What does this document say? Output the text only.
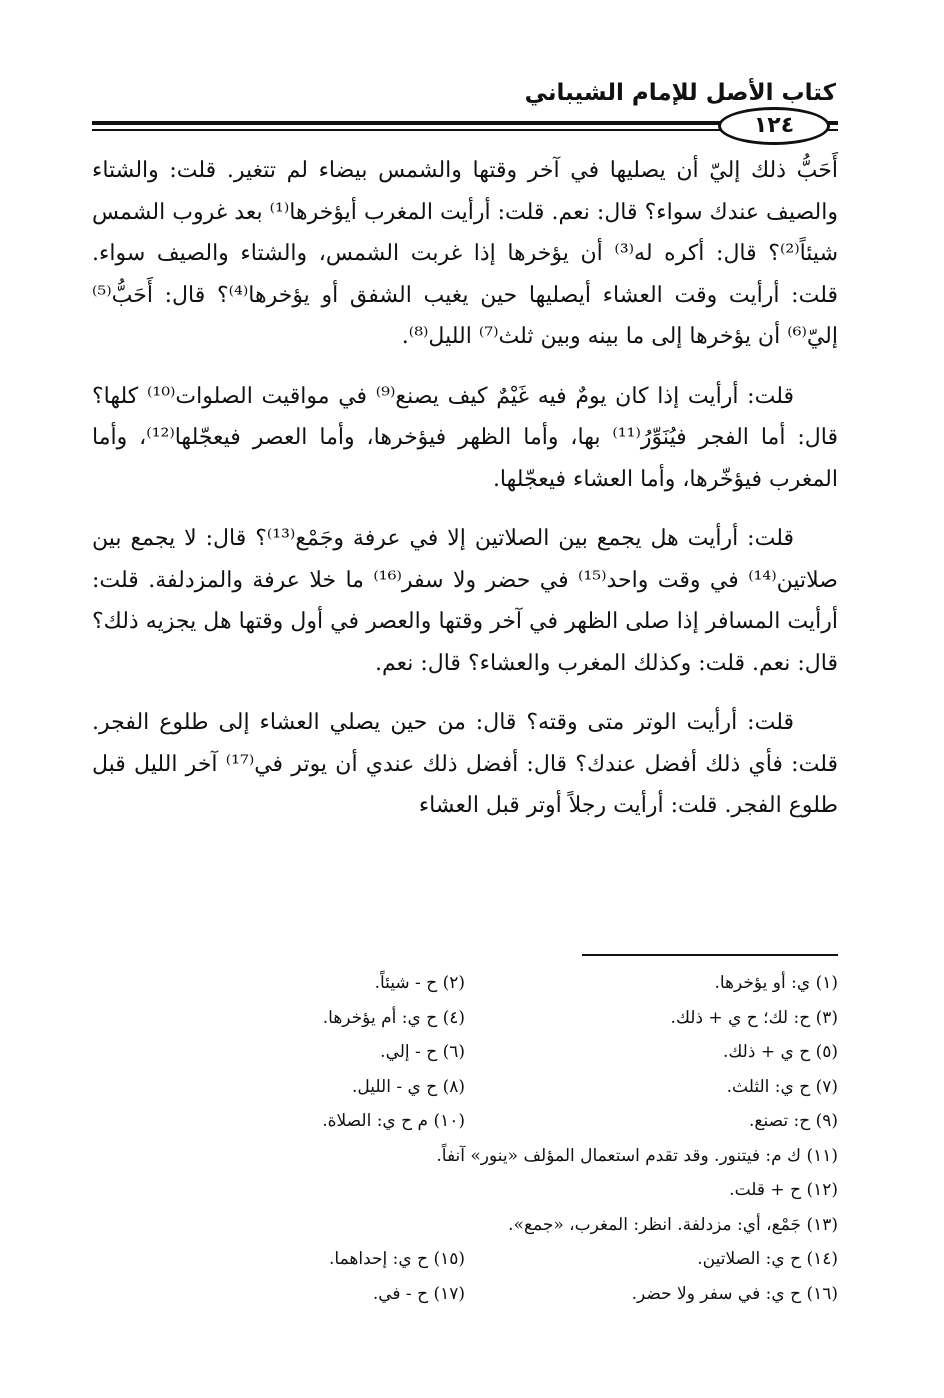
كتاب الأصل للإمام الشيباني
١٢٤

أَحَبُّ ذلك إليّ أن يصليها في آخر وقتها والشمس بيضاء لم تتغير. قلت: والشتاء والصيف عندك سواء؟ قال: نعم. قلت: أرأيت المغرب أيؤخرها⁽¹⁾ بعد غروب الشمس شيئاً⁽²⁾؟ قال: أكره له⁽³⁾ أن يؤخرها إذا غربت الشمس، والشتاء والصيف سواء. قلت: أرأيت وقت العشاء أيصليها حين يغيب الشفق أو يؤخرها⁽⁴⁾؟ قال: أَحَبُّ⁽⁵⁾ إليّ⁽⁶⁾ أن يؤخرها إلى ما بينه وبين ثلث⁽⁷⁾ الليل⁽⁸⁾.

قلت: أرأيت إذا كان يومٌ فيه غَيْمٌ كيف يصنع⁽⁹⁾ في مواقيت الصلوات⁽¹⁰⁾ كلها؟ قال: أما الفجر فيُنَوِّرُ⁽¹¹⁾ بها، وأما الظهر فيؤخرها، وأما العصر فيعجّلها⁽¹²⁾، وأما المغرب فيؤخّرها، وأما العشاء فيعجّلها.

قلت: أرأيت هل يجمع بين الصلاتين إلا في عرفة وجَمْع⁽¹³⁾؟ قال: لا يجمع بين صلاتين⁽¹⁴⁾ في وقت واحد⁽¹⁵⁾ في حضر ولا سفر⁽¹⁶⁾ ما خلا عرفة والمزدلفة. قلت: أرأيت المسافر إذا صلى الظهر في آخر وقتها والعصر في أول وقتها هل يجزيه ذلك؟ قال: نعم. قلت: وكذلك المغرب والعشاء؟ قال: نعم.

قلت: أرأيت الوتر متى وقته؟ قال: من حين يصلي العشاء إلى طلوع الفجر. قلت: فأي ذلك أفضل عندك؟ قال: أفضل ذلك عندي أن يوتر في⁽¹⁷⁾ آخر الليل قبل طلوع الفجر. قلت: أرأيت رجلاً أوتر قبل العشاء

(١) ي: أو يؤخرها.
(٢) ح - شيئاً.
(٣) ح: لك؛ ح ي + ذلك.
(٤) ح ي: أم يؤخرها.
(٥) ح ي + ذلك.
(٦) ح - إلي.
(٧) ح ي: الثلث.
(٨) ح ي - الليل.
(٩) ح: تصنع.
(١٠) م ح ي: الصلاة.
(١١) ك م: فيتنور. وقد تقدم استعمال المؤلف «ينور» آنفاً.
(١٢) ح + قلت.
(١٣) جَمْع، أي: مزدلفة. انظر: المغرب، «جمع».
(١٤) ح ي: الصلاتين.
(١٥) ح ي: إحداهما.
(١٦) ح ي: في سفر ولا حضر.
(١٧) ح - في.
